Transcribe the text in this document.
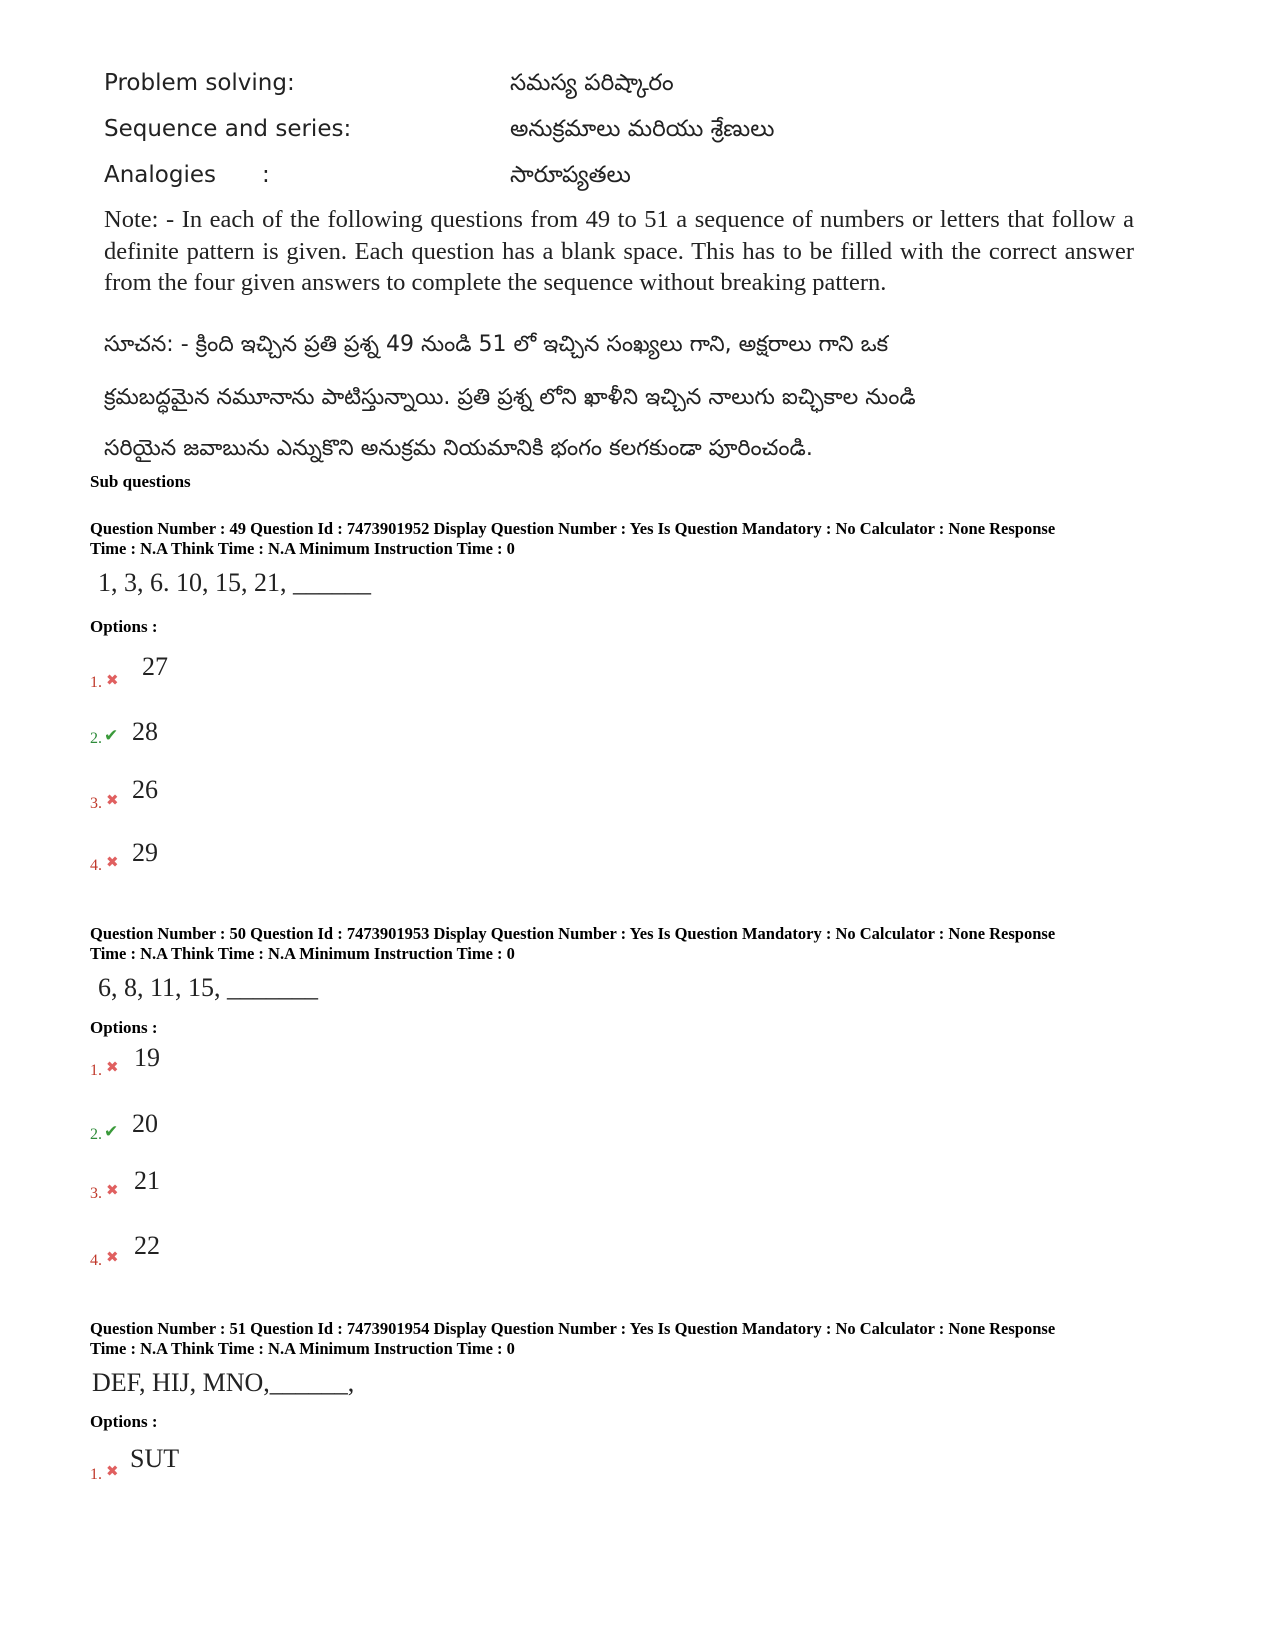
Problem solving:	సమస్య పరిష్కారం
Sequence and series:	అనుక్రమాలు మరియు శ్రేణులు
Analogies :	సారూప్యతలు
Note: - In each of the following questions from 49 to 51 a sequence of numbers or letters that follow a definite pattern is given. Each question has a blank space. This has to be filled with the correct answer from the four given answers to complete the sequence without breaking pattern.
సూచన: - క్రింది ఇచ్చిన ప్రతి ప్రశ్న 49 నుండి 51 లో ఇచ్చిన సంఖ్యలు గాని, అక్షరాలు గాని ఒక
క్రమబద్ధమైన నమూనాను పాటిస్తున్నాయి. ప్రతి ప్రశ్న లోని ఖాళీని ఇచ్చిన నాలుగు ఐచ్ఛికాల నుండి
సరియైన జవాబును ఎన్నుకొని అనుక్రమ నియమానికి భంగం కలగకుండా పూరించండి.
Sub questions
Question Number : 49 Question Id : 7473901952 Display Question Number : Yes Is Question Mandatory : No Calculator : None Response
Time : N.A Think Time : N.A Minimum Instruction Time : 0
1, 3, 6. 10, 15, 21, ______
Options :
1. ✖ 27
2. ✔ 28
3. ✖ 26
4. ✖ 29
Question Number : 50 Question Id : 7473901953 Display Question Number : Yes Is Question Mandatory : No Calculator : None Response
Time : N.A Think Time : N.A Minimum Instruction Time : 0
6, 8, 11, 15, _______
Options :
1. ✖ 19
2. ✔ 20
3. ✖ 21
4. ✖ 22
Question Number : 51 Question Id : 7473901954 Display Question Number : Yes Is Question Mandatory : No Calculator : None Response
Time : N.A Think Time : N.A Minimum Instruction Time : 0
DEF, HIJ, MNO,______,
Options :
1. ✖ SUT
